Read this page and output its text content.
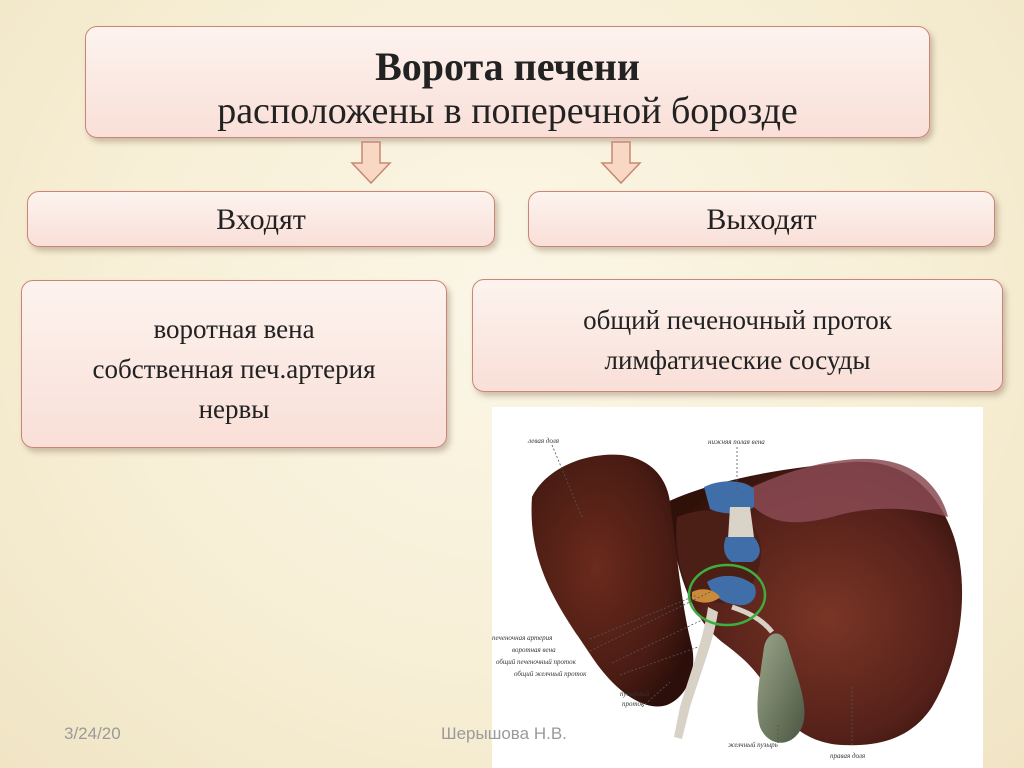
Ворота печени
расположены в поперечной борозде
Входят	Выходят
воротная вена
собственная печ.артерия
нервы
общий печеночный проток
лимфатические сосуды
левая доля	нижняя полая вена
печеночная артерия
воротная вена
общий печеночный проток
общий желчный проток
пузырный
проток
желчный пузырь
правая доля
3/24/20	Шерышова Н.В.
